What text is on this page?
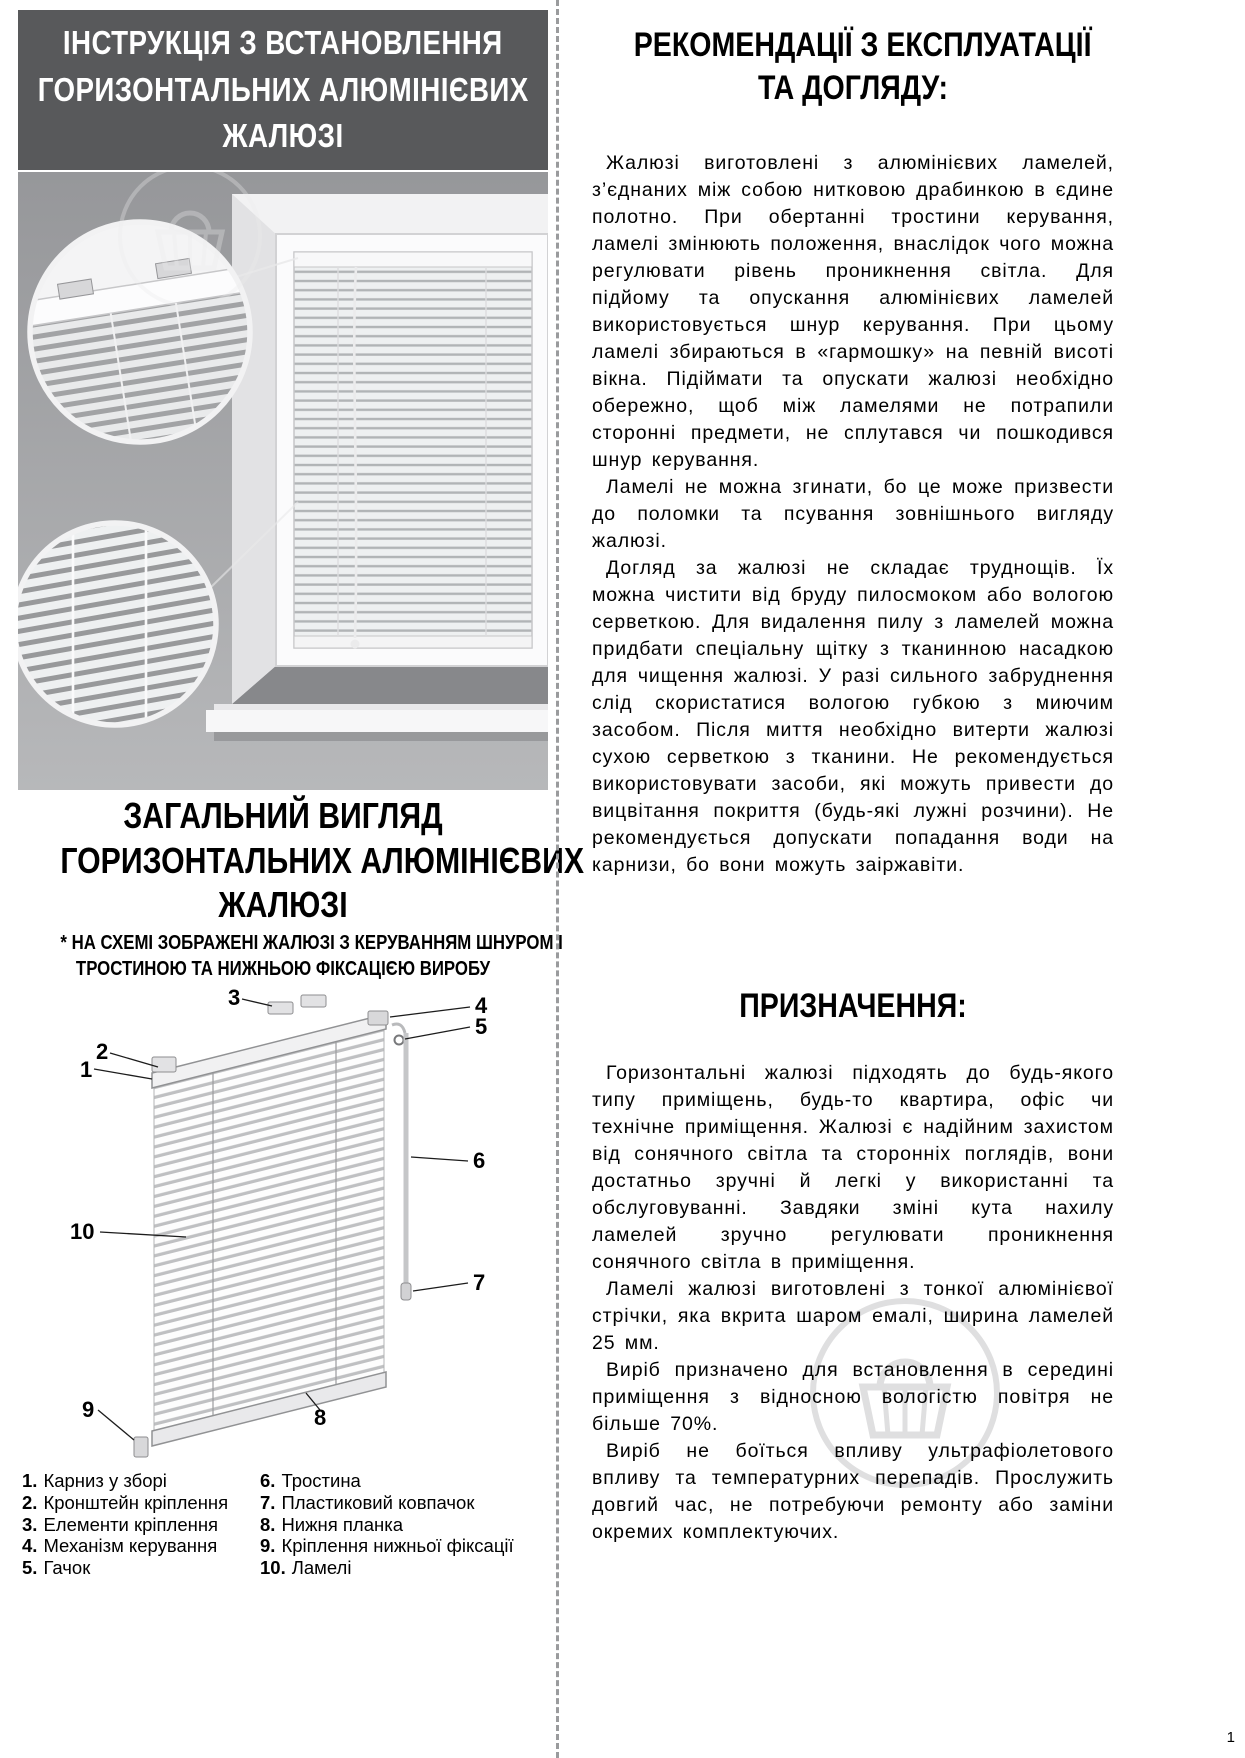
ІНСТРУКЦІЯ З ВСТАНОВЛЕННЯ
ГОРИЗОНТАЛЬНИХ АЛЮМІНІЄВИХ
ЖАЛЮЗІ
ЗАГАЛЬНИЙ ВИГЛЯД
ГОРИЗОНТАЛЬНИХ АЛЮМІНІЄВИХ
ЖАЛЮЗІ
* НА СХЕМІ ЗОБРАЖЕНІ ЖАЛЮЗІ З КЕРУВАННЯМ ШНУРОМ І
ТРОСТИНОЮ ТА НИЖНЬОЮ ФІКСАЦІЄЮ ВИРОБУ
1
2
3	4
5
6
7
8
9
10
1. Карниз у зборі
2. Кронштейн кріплення
3. Елементи кріплення
4. Механізм керування
5. Гачок
6. Тростина
7. Пластиковий ковпачок
8. Нижня планка
9. Кріплення нижньої фіксації
10. Ламелі
РЕКОМЕНДАЦІЇ З ЕКСПЛУАТАЦІЇ
ТА ДОГЛЯДУ:

Жалюзі виготовлені з алюмінієвих ламелей, з’єднаних між собою нитковою драбинкою в єдине полотно. При обертанні тростини керування, ламелі змінюють положення, внаслідок чого можна регулювати рівень проникнення світла. Для підйому та опускання алюмінієвих ламелей використовується шнур керування. При цьому ламелі збираються в «гармошку» на певній висоті вікна. Підіймати та опускати жалюзі необхідно обережно, щоб між ламелями не потрапили сторонні предмети, не сплутався чи пошкодився шнур керування.

Ламелі не можна згинати, бо це може призвести до поломки та псування зовнішнього вигляду жалюзі.

Догляд за жалюзі не складає труднощів. Їх можна чистити від бруду пилосмоком або вологою серветкою. Для видалення пилу з ламелей можна придбати спеціальну щітку з тканинною насадкою для чищення жалюзі. У разі сильного забруднення слід скористатися вологою губкою з миючим засобом. Після миття необхідно витерти жалюзі сухою серветкою з тканини. Не рекомендується використовувати засоби, які можуть привести до вицвітання покриття (будь-які лужні розчини). Не рекомендується допускати попадання води на карнизи, бо вони можуть заіржавіти.

ПРИЗНАЧЕННЯ:

Горизонтальні жалюзі підходять до будь-якого типу приміщень, будь-то квартира, офіс чи технічне приміщення. Жалюзі є надійним захистом від сонячного світла та сторонніх поглядів, вони достатньо зручні й легкі у використанні та обслуговуванні. Завдяки зміні кута нахилу ламелей зручно регулювати проникнення сонячного світла в приміщення.

Ламелі жалюзі виготовлені з тонкої алюмінієвої стрічки, яка вкрита шаром емалі, ширина ламелей 25 мм.

Виріб призначено для встановлення в середині приміщення з відносною вологістю повітря не більше 70%.

Виріб не боїться впливу ультрафіолетового впливу та температурних перепадів. Прослужить довгий час, не потребуючи ремонту або заміни окремих комплектуючих.

1
